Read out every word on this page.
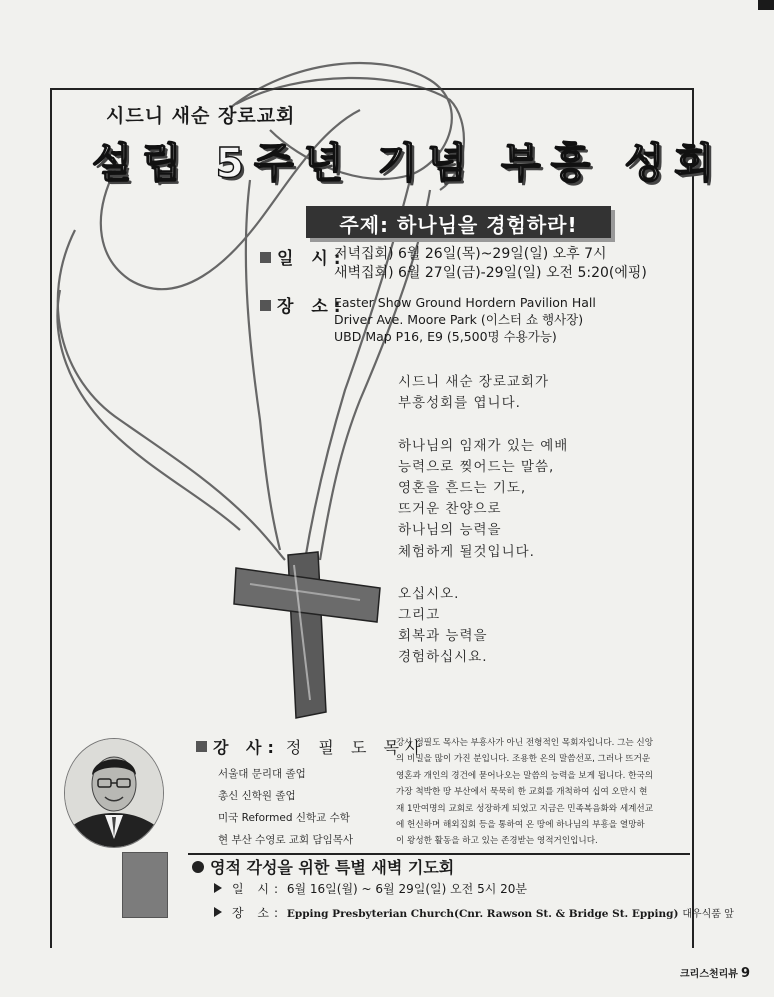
시드니 새순 장로교회
설립 5주년 기념 부흥 성회
주제: 하나님을 경험하라!
일 시:
저녁집회) 6월 26일(목)~29일(일) 오후 7시
새벽집회) 6월 27일(금)-29일(일) 오전 5:20(에핑)
장 소:
Easter Show Ground Hordern Pavilion Hall
Driver Ave. Moore Park (이스터 쇼 행사장)
UBD Map P16, E9 (5,500명 수용가능)
시드니 새순 장로교회가
부흥성회를 엽니다.
하나님의 임재가 있는 예배
능력으로 찢어드는 말씀,
영혼을 흔드는 기도,
뜨거운 찬양으로
하나님의 능력을
체험하게 될것입니다.
오십시오.
그리고
회복과 능력을
경험하십시요.
강 사: 정 필 도 목사
서울대 문리대 졸업
총신 신학원 졸업
미국 Reformed 신학교 수학
현 부산 수영로 교회 담임목사
강사 정필도 목사는 부흥사가 아닌 전형적인 목회자입니다. 그는 신앙
의 비밀을 많이 가진 분입니다. 조용한 온의 말씀선포, 그러나 뜨거운
영혼과 개인의 경건에 묻어나오는 말씀의 능력을 보게 됩니다. 한국의
가장 척박한 땅 부산에서 묵묵히 한 교회를 개척하여 십여 오만시 현
재 1만여명의 교회로 성장하게 되었고 지금은 민족복음화와 세계선교
에 헌신하며 해외집회 등을 통하여 온 땅에 하나님의 부흥을 열망하
이 왕성한 활동을 하고 있는 존경받는 영적거인입니다.
영적 각성을 위한 특별 새벽 기도회
일 시: 6월 16일(월) ~ 6월 29일(일) 오전 5시 20분
장 소: Epping Presbyterian Church(Cnr. Rawson St. & Bridge St. Epping) 대우식품 앞
크리스천리뷰 9
